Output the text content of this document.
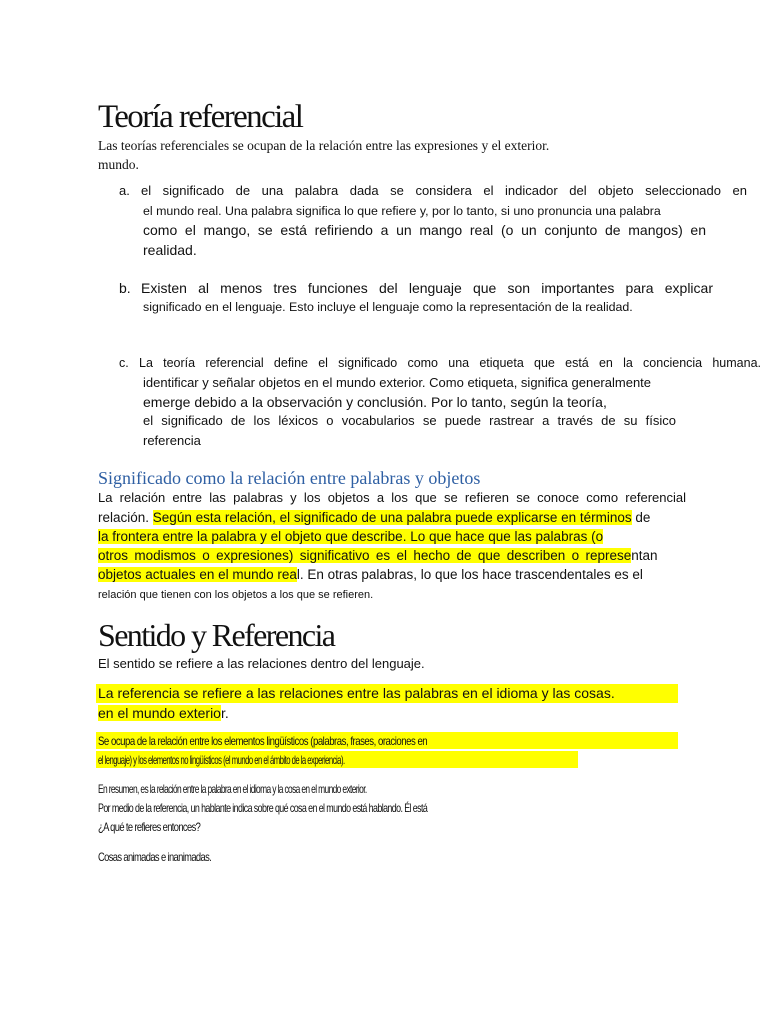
Teoría referencial
Las teorías referenciales se ocupan de la relación entre las expresiones y el exterior.
mundo.
a. el significado de una palabra dada se considera el indicador del objeto seleccionado en
el mundo real. Una palabra significa lo que refiere y, por lo tanto, si uno pronuncia una palabra
como el mango, se está refiriendo a un mango real (o un conjunto de mangos) en
realidad.
b. Existen al menos tres funciones del lenguaje que son importantes para explicar
significado en el lenguaje. Esto incluye el lenguaje como la representación de la realidad.
c. La teoría referencial define el significado como una etiqueta que está en la conciencia humana.
identificar y señalar objetos en el mundo exterior. Como etiqueta, significa generalmente
emerge debido a la observación y conclusión. Por lo tanto, según la teoría,
el significado de los léxicos o vocabularios se puede rastrear a través de su físico
referencia
Significado como la relación entre palabras y objetos
La relación entre las palabras y los objetos a los que se refieren se conoce como referencial
relación. Según esta relación, el significado de una palabra puede explicarse en términos de
la frontera entre la palabra y el objeto que describe. Lo que hace que las palabras (o
otros modismos o expresiones) significativo es el hecho de que describen o representan
objetos actuales en el mundo real. En otras palabras, lo que los hace trascendentales es el
relación que tienen con los objetos a los que se refieren.
Sentido y Referencia
El sentido se refiere a las relaciones dentro del lenguaje.
La referencia se refiere a las relaciones entre las palabras en el idioma y las cosas.
en el mundo exterior.
Se ocupa de la relación entre los elementos lingüísticos (palabras, frases, oraciones en
el lenguaje) y los elementos no lingüísticos (el mundo en el ámbito de la experiencia).
En resumen, es la relación entre la palabra en el idioma y la cosa en el mundo exterior.
Por medio de la referencia, un hablante indica sobre qué cosa en el mundo está hablando. Él está
¿A qué te refieres entonces?
Cosas animadas e inanimadas.
